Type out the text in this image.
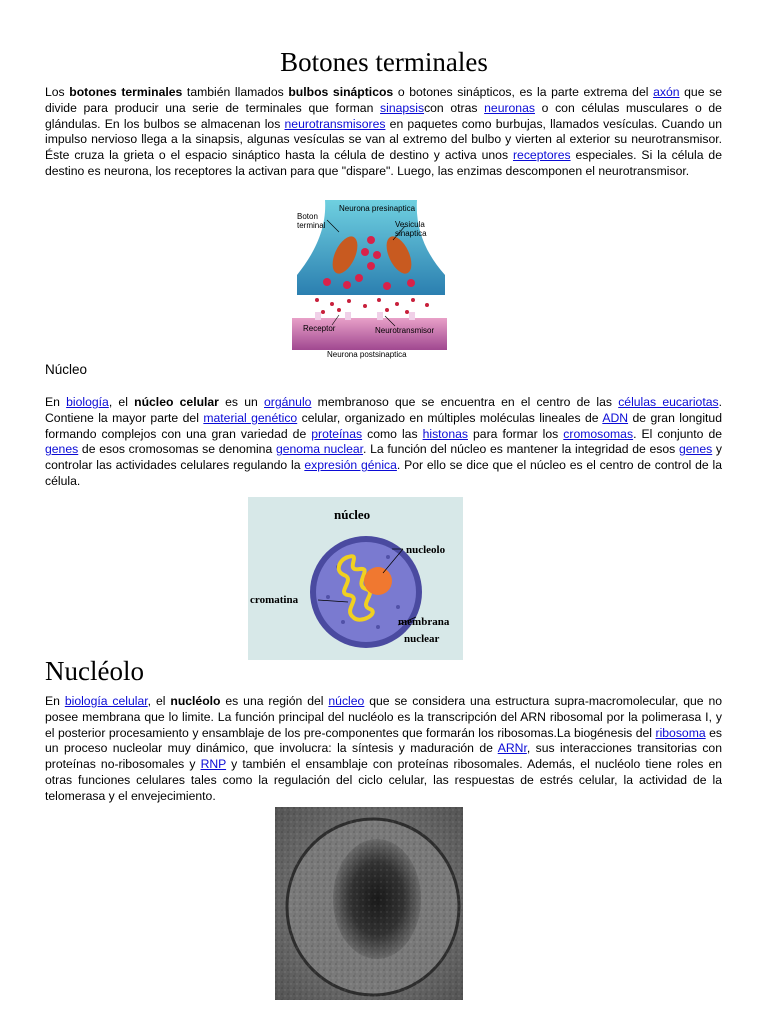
Botones terminales

Los botones terminales también llamados bulbos sinápticos o botones sinápticos, es la parte extrema del axón que se divide para producir una serie de terminales que forman sinapsiscon otras neuronas o con células musculares o de glándulas. En los bulbos se almacenan los neurotransmisores en paquetes como burbujas, llamados vesículas. Cuando un impulso nervioso llega a la sinapsis, algunas vesículas se van al extremo del bulbo y vierten al exterior su neurotransmisor. Éste cruza la grieta o el espacio sináptico hasta la célula de destino y activa unos receptores especiales. Si la célula de destino es neurona, los receptores la activan para que "dispare". Luego, las enzimas descomponen el neurotransmisor.

Boton terminal
Neurona presinaptica
Vesicula sinaptica
Receptor	Neurotransmisor
Neurona postsinaptica
Núcleo

En biología, el núcleo celular es un orgánulo membranoso que se encuentra en el centro de las células eucariotas. Contiene la mayor parte del material genético celular, organizado en múltiples moléculas lineales de ADN de gran longitud formando complejos con una gran variedad de proteínas como las histonas para formar los cromosomas. El conjunto de genes de esos cromosomas se denomina genoma nuclear. La función del núcleo es mantener la integridad de esos genes y controlar las actividades celulares regulando la expresión génica. Por ello se dice que el núcleo es el centro de control de la célula.

núcleo
nucleolo
cromatina
membrana
nuclear
Nucléolo

En biología celular, el nucléolo es una región del núcleo que se considera una estructura supra-macromolecular, que no posee membrana que lo limite. La función principal del nucléolo es la transcripción del ARN ribosomal por la polimerasa I, y el posterior procesamiento y ensamblaje de los pre-componentes que formarán los ribosomas.La biogénesis del ribosoma es un proceso nucleolar muy dinámico, que involucra: la síntesis y maduración de ARNr, sus interacciones transitorias con proteínas no-ribosomales y RNP y también el ensamblaje con proteínas ribosomales. Además, el nucléolo tiene roles en otras funciones celulares tales como la regulación del ciclo celular, las respuestas de estrés celular, la actividad de la telomerasa y el envejecimiento.
